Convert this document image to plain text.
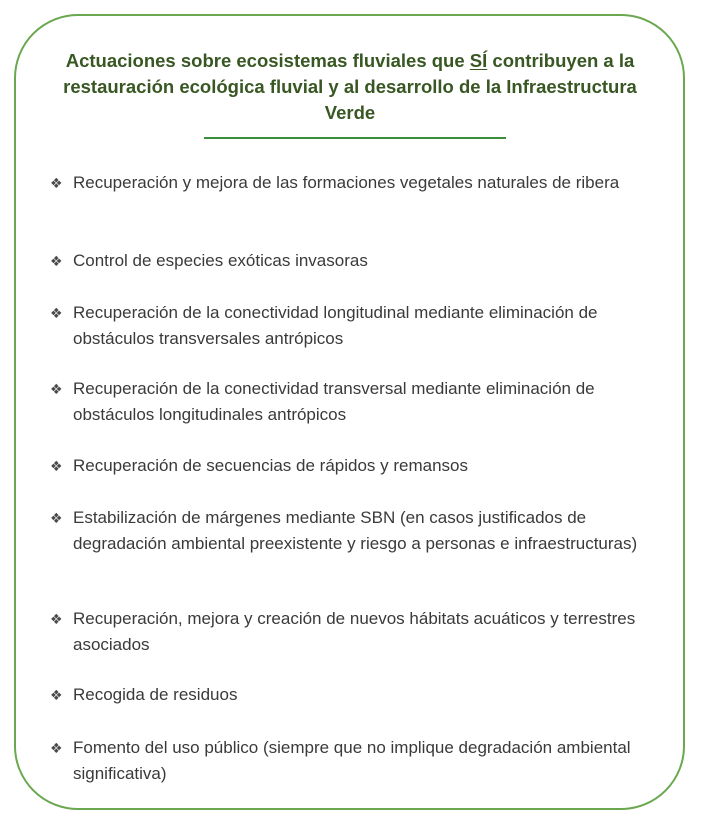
Actuaciones sobre ecosistemas fluviales que SÍ contribuyen a la restauración ecológica fluvial y al desarrollo de la Infraestructura Verde
❖ Recuperación y mejora de las formaciones vegetales naturales de ribera
❖ Control de especies exóticas invasoras
❖ Recuperación de la conectividad longitudinal mediante eliminación de obstáculos transversales antrópicos
❖ Recuperación de la conectividad transversal mediante eliminación de obstáculos longitudinales antrópicos
❖ Recuperación de secuencias de rápidos y remansos
❖ Estabilización de márgenes mediante SBN (en casos justificados de degradación ambiental preexistente y riesgo a personas e infraestructuras)
❖ Recuperación, mejora y creación de nuevos hábitats acuáticos y terrestres asociados
❖ Recogida de residuos
❖ Fomento del uso público (siempre que no implique degradación ambiental significativa)
